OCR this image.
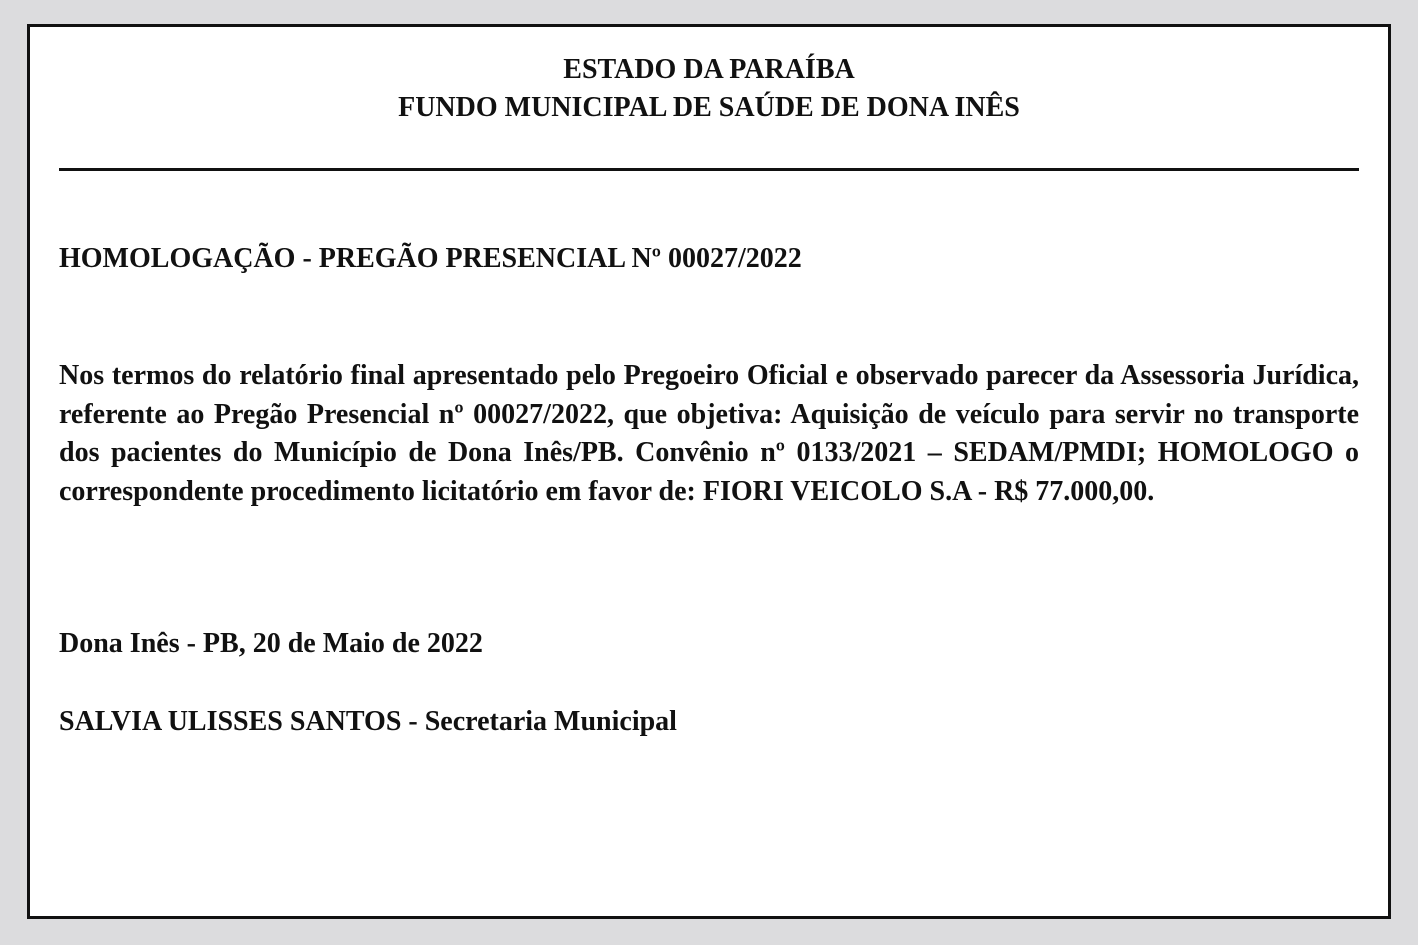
ESTADO DA PARAÍBA
FUNDO MUNICIPAL DE SAÚDE DE DONA INÊS
HOMOLOGAÇÃO - PREGÃO PRESENCIAL Nº 00027/2022
Nos termos do relatório final apresentado pelo Pregoeiro Oficial e observado parecer da Assessoria Jurídica, referente ao Pregão Presencial nº 00027/2022, que objetiva: Aquisição de veículo para servir no transporte dos pacientes do Município de Dona Inês/PB. Convênio nº 0133/2021 – SEDAM/PMDI; HOMOLOGO o correspondente procedimento licitatório em favor de: FIORI VEICOLO S.A - R$ 77.000,00.
Dona Inês - PB, 20 de Maio de 2022
SALVIA ULISSES SANTOS - Secretaria Municipal
